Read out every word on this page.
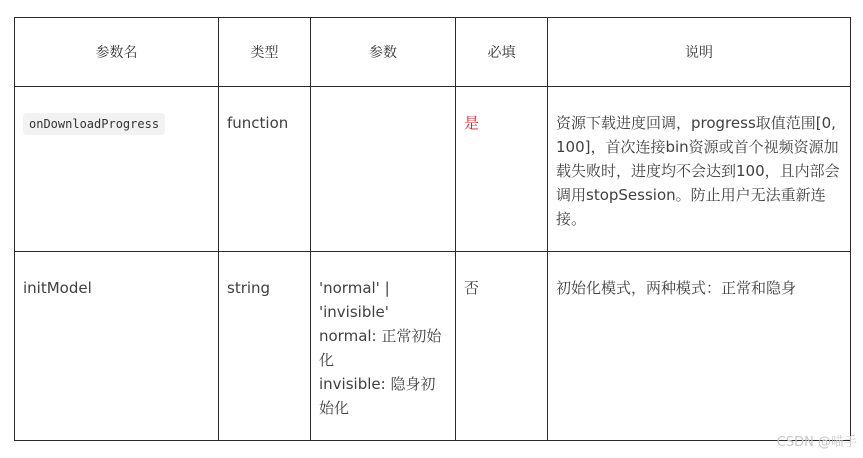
参数名	类型	参数	必填	说明
onDownloadProgress	function		是	资源下载进度回调，progress取值范围[0, 100]，首次连接bin资源或首个视频资源加载失败时，进度均不会达到100，且内部会调用stopSession。防止用户无法重新连接。
initModel	string	'normal' |
'invisible'
normal: 正常初始化
invisible: 隐身初始化	否	初始化模式，两种模式：正常和隐身
CSDN @喵手
